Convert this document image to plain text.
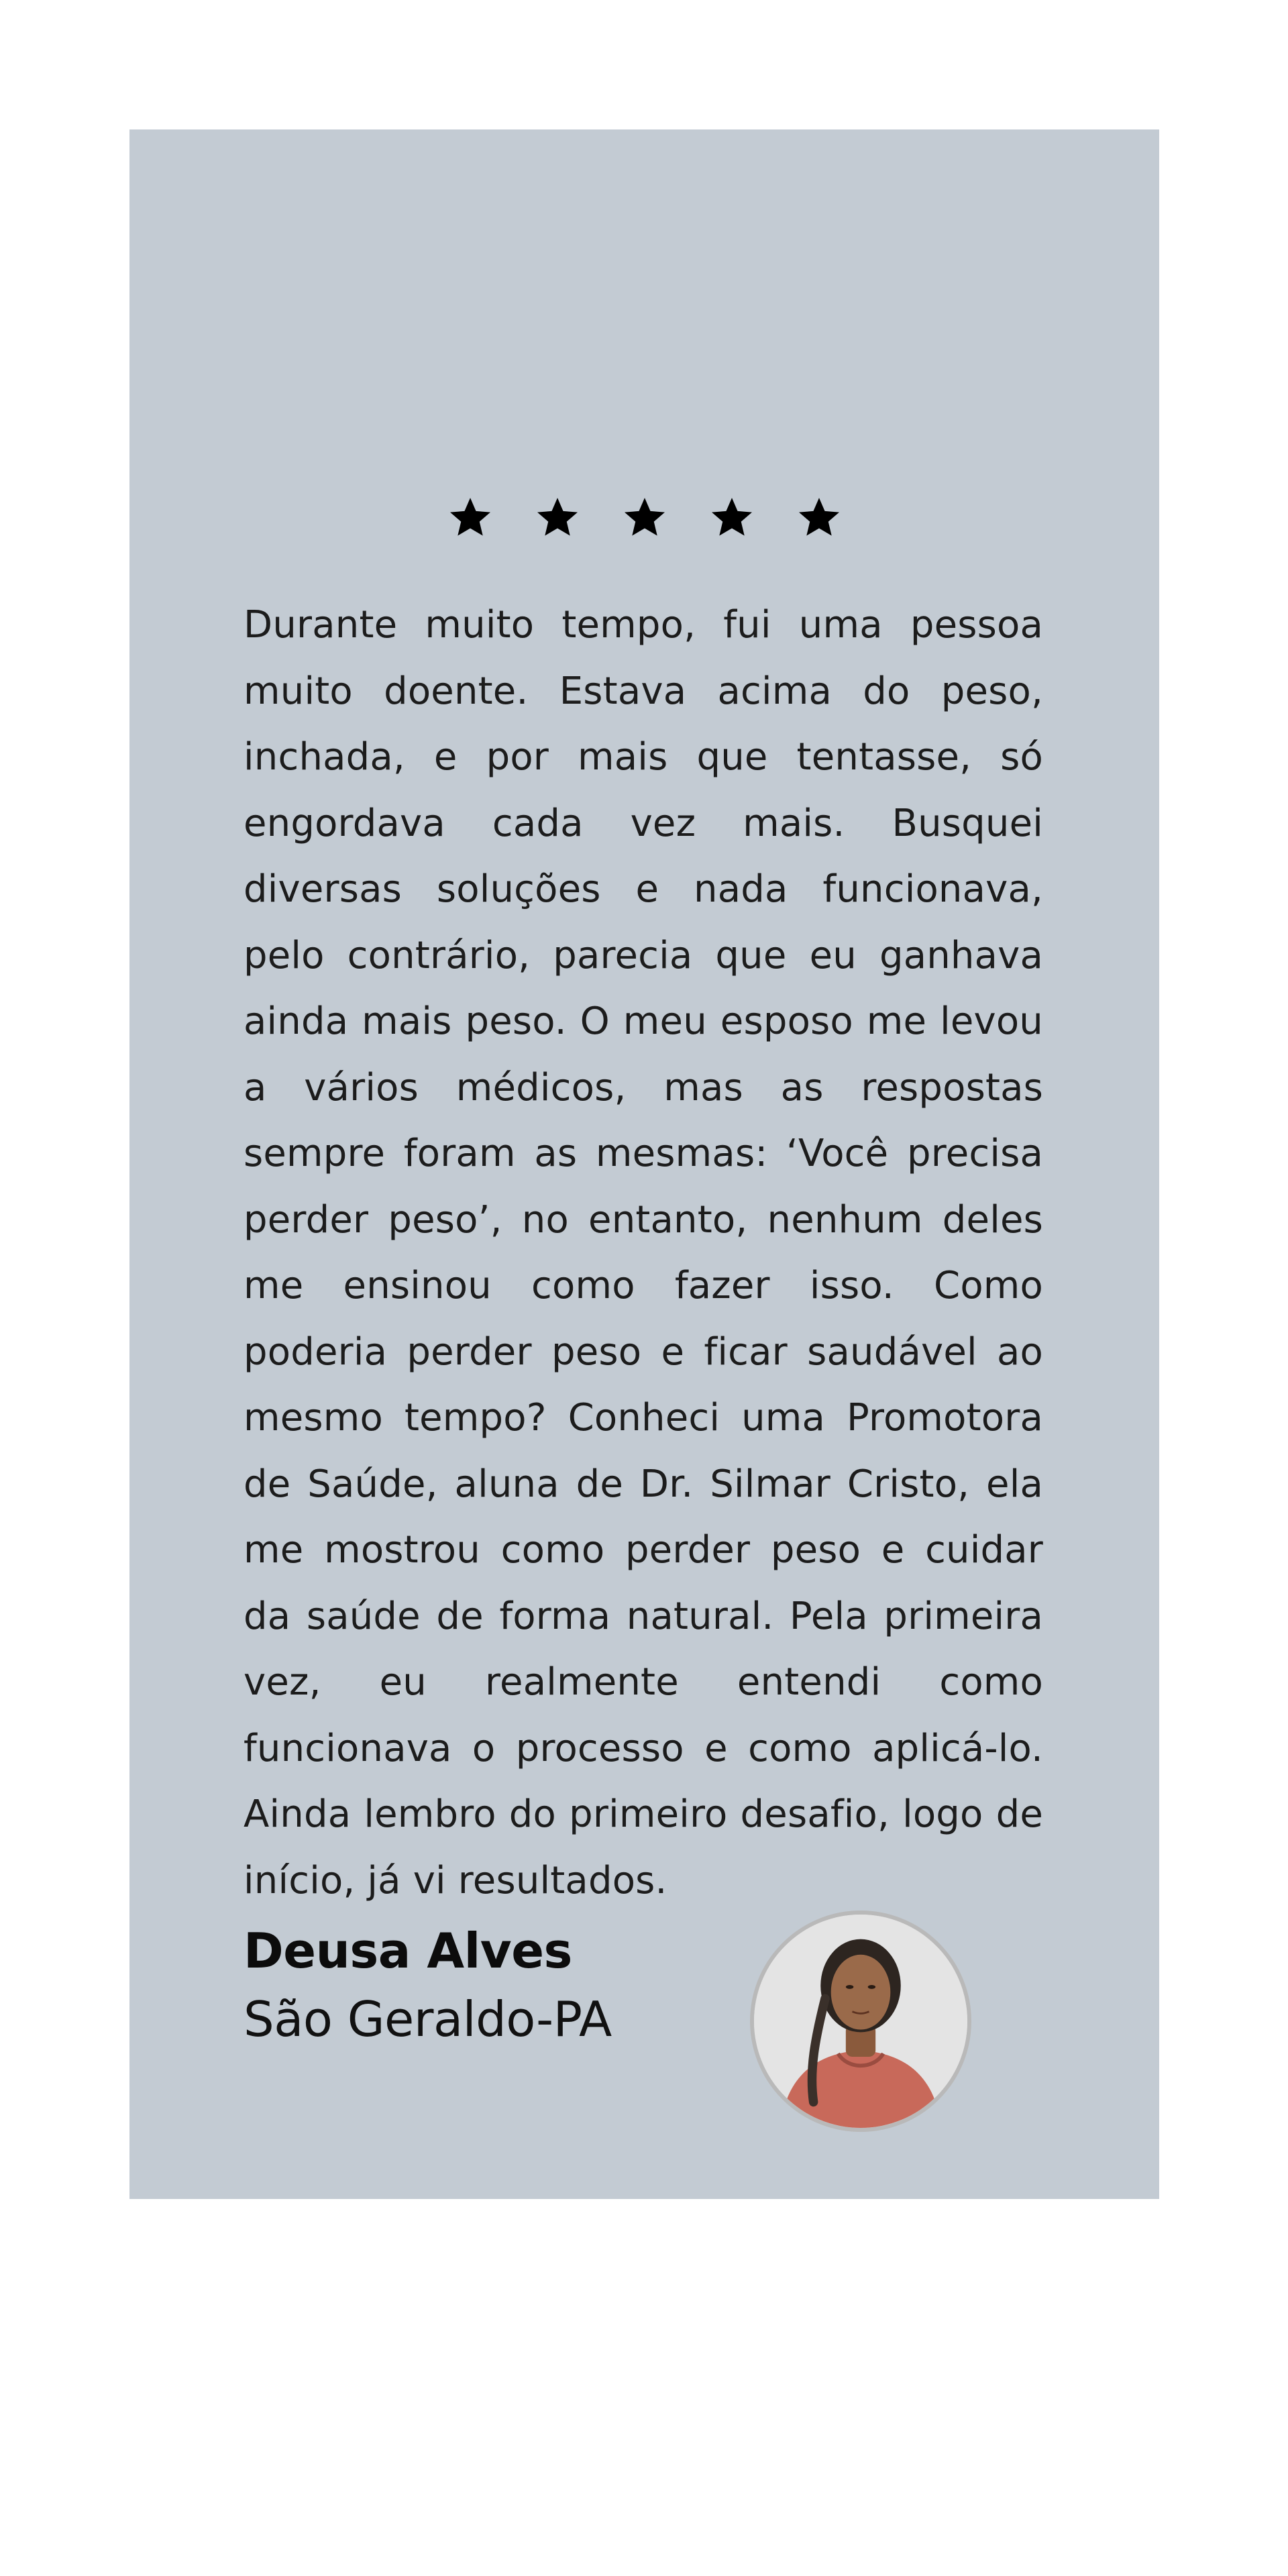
Durante muito tempo, fui uma pessoa muito doente. Estava acima do peso, inchada, e por mais que tentasse, só engordava cada vez mais. Busquei diversas soluções e nada funcionava, pelo contrário, parecia que eu ganhava ainda mais peso. O meu esposo me levou a vários médicos, mas as respostas sempre foram as mesmas: ‘Você precisa perder peso’, no entanto, nenhum deles me ensinou como fazer isso. Como poderia perder peso e ficar saudável ao mesmo tempo? Conheci uma Promotora de Saúde, aluna de Dr. Silmar Cristo, ela me mostrou como perder peso e cuidar da saúde de forma natural. Pela primeira vez, eu realmente entendi como funcionava o processo e como aplicá-lo. Ainda lembro do primeiro desafio, logo de início, já vi resultados.

Deusa Alves

São Geraldo-PA
